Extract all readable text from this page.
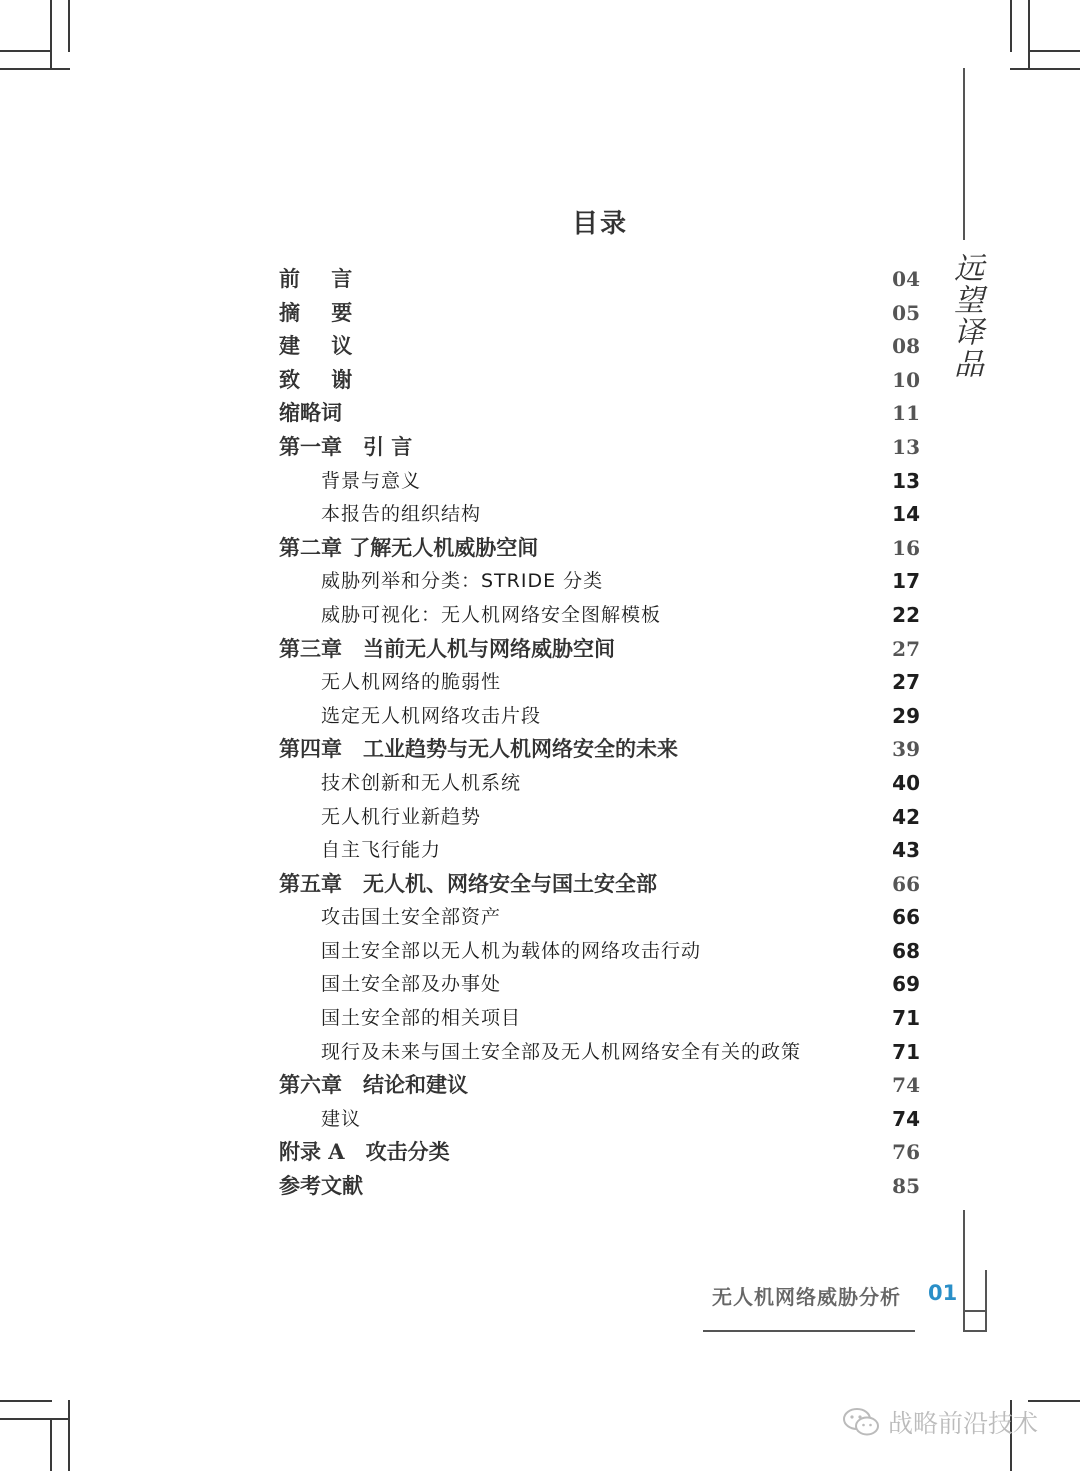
目录
前 言	04
摘 要	05
建 议	08
致 谢	10
缩略词	11
第一章　引 言	13
背景与意义	13
本报告的组织结构	14
第二章 了解无人机威胁空间	16
威胁列举和分类：STRIDE 分类	17
威胁可视化：无人机网络安全图解模板	22
第三章　当前无人机与网络威胁空间	27
无人机网络的脆弱性	27
选定无人机网络攻击片段	29
第四章　工业趋势与无人机网络安全的未来	39
技术创新和无人机系统	40
无人机行业新趋势	42
自主飞行能力	43
第五章　无人机、网络安全与国土安全部	66
攻击国土安全部资产	66
国土安全部以无人机为载体的网络攻击行动	68
国土安全部及办事处	69
国土安全部的相关项目	71
现行及未来与国土安全部及无人机网络安全有关的政策	71
第六章　结论和建议	74
建议	74
附录 A　攻击分类	76
参考文献	85
远望译品
无人机网络威胁分析 01
战略前沿技术
